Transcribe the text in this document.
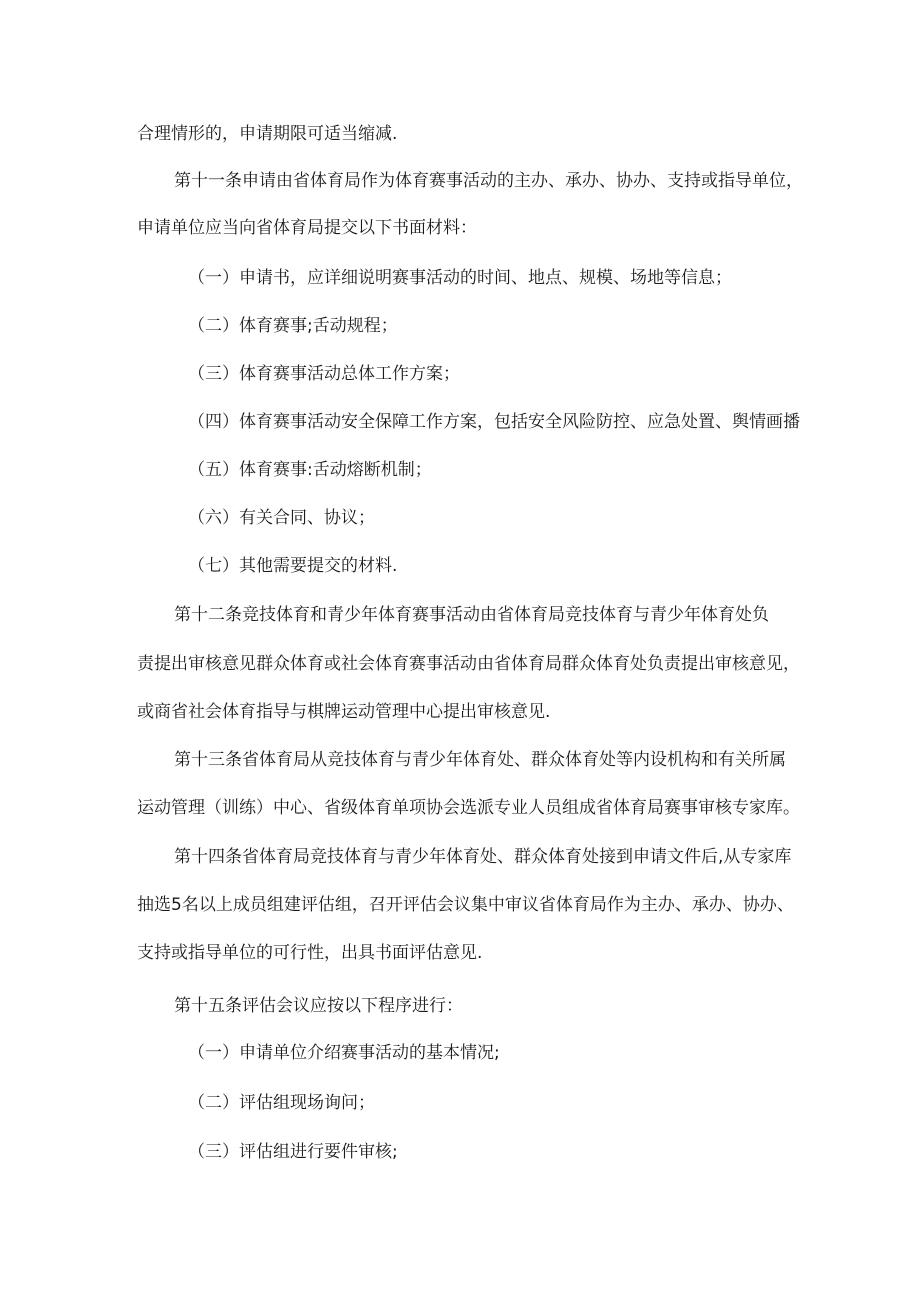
合理情形的，申请期限可适当缩减.
第十一条申请由省体育局作为体育赛事活动的主办、承办、协办、支持或指导单位，
申请单位应当向省体育局提交以下书面材料：
（一）申请书，应详细说明赛事活动的时间、地点、规模、场地等信息；
（二）体育赛事;舌动规程；
（三）体育赛事活动总体工作方案；
（四）体育赛事活动安全保障工作方案，包括安全风险防控、应急处置、舆情画播
（五）体育赛事:舌动熔断机制；
（六）有关合同、协议；
（七）其他需要提交的材料.
第十二条竞技体育和青少年体育赛事活动由省体育局竞技体育与青少年体育处负
责提出审核意见群众体育或社会体育赛事活动由省体育局群众体育处负责提出审核意见，
或商省社会体育指导与棋牌运动管理中心提出审核意见.
第十三条省体育局从竞技体育与青少年体育处、群众体育处等内设机构和有关所属
运动管理（训练）中心、省级体育单项协会选派专业人员组成省体育局赛事审核专家库。
第十四条省体育局竞技体育与青少年体育处、群众体育处接到申请文件后,从专家库
抽选5名以上成员组建评估组，召开评估会议集中审议省体育局作为主办、承办、协办、
支持或指导单位的可行性，出具书面评估意见.
第十五条评估会议应按以下程序进行：
（一）申请单位介绍赛事活动的基本情况;
（二）评估组现场询问；
（三）评估组进行要件审核;
